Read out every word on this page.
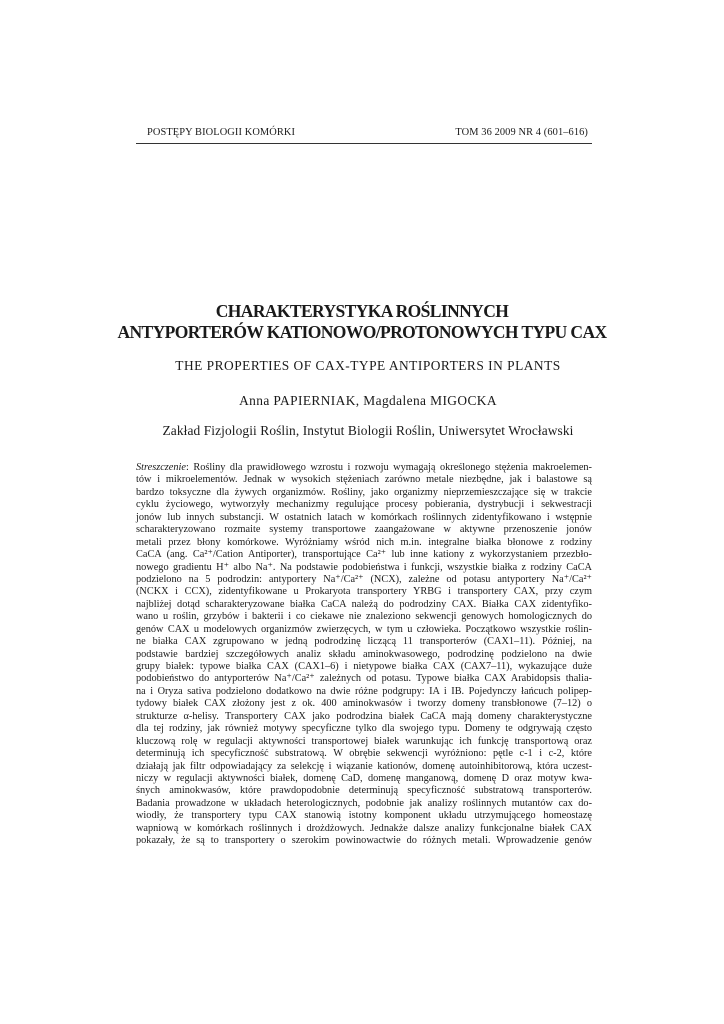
POSTĘPY BIOLOGII KOMÓRKI	TOM 36 2009 NR 4 (601–616)
CHARAKTERYSTYKA ROŚLINNYCH
ANTYPORTERÓW KATIONOWO/PROTONOWYCH TYPU CAX
THE PROPERTIES OF CAX-TYPE ANTIPORTERS IN PLANTS
Anna PAPIERNIAK, Magdalena MIGOCKA
Zakład Fizjologii Roślin, Instytut Biologii Roślin, Uniwersytet Wrocławski
Streszczenie: Rośliny dla prawidłowego wzrostu i rozwoju wymagają określonego stężenia makroelemen-
tów i mikroelementów. Jednak w wysokich stężeniach zarówno metale niezbędne, jak i balastowe są
bardzo toksyczne dla żywych organizmów. Rośliny, jako organizmy nieprzemieszczające się w trakcie
cyklu życiowego, wytworzyły mechanizmy regulujące procesy pobierania, dystrybucji i sekwestracji
jonów lub innych substancji. W ostatnich latach w komórkach roślinnych zidentyfikowano i wstępnie
scharakteryzowano rozmaite systemy transportowe zaangażowane w aktywne przenoszenie jonów
metali przez błony komórkowe. Wyróżniamy wśród nich m.in. integralne białka błonowe z rodziny
CaCA (ang. Ca²⁺/Cation Antiporter), transportujące Ca²⁺ lub inne kationy z wykorzystaniem przezbło-
nowego gradientu H⁺ albo Na⁺. Na podstawie podobieństwa i funkcji, wszystkie białka z rodziny CaCA
podzielono na 5 podrodzin: antyportery Na⁺/Ca²⁺ (NCX), zależne od potasu antyportery Na⁺/Ca²⁺
(NCKX i CCX), zidentyfikowane u Prokaryota transportery YRBG i transportery CAX, przy czym
najbliżej dotąd scharakteryzowane białka CaCA należą do podrodziny CAX. Białka CAX zidentyfiko-
wano u roślin, grzybów i bakterii i co ciekawe nie znaleziono sekwencji genowych homologicznych do
genów CAX u modelowych organizmów zwierzęcych, w tym u człowieka. Początkowo wszystkie roślin-
ne białka CAX zgrupowano w jedną podrodzinę liczącą 11 transporterów (CAX1–11). Później, na
podstawie bardziej szczegółowych analiz składu aminokwasowego, podrodzinę podzielono na dwie
grupy białek: typowe białka CAX (CAX1–6) i nietypowe białka CAX (CAX7–11), wykazujące duże
podobieństwo do antyporterów Na⁺/Ca²⁺ zależnych od potasu. Typowe białka CAX Arabidopsis thalia-
na i Oryza sativa podzielono dodatkowo na dwie różne podgrupy: IA i IB. Pojedynczy łańcuch polipep-
tydowy białek CAX złożony jest z ok. 400 aminokwasów i tworzy domeny transbłonowe (7–12) o
strukturze α-helisy. Transportery CAX jako podrodzina białek CaCA mają domeny charakterystyczne
dla tej rodziny, jak również motywy specyficzne tylko dla swojego typu. Domeny te odgrywają często
kluczową rolę w regulacji aktywności transportowej białek warunkując ich funkcję transportową oraz
determinują ich specyficzność substratową. W obrębie sekwencji wyróżniono: pętle c-1 i c-2, które
działają jak filtr odpowiadający za selekcję i wiązanie kationów, domenę autoinhibitorową, która uczest-
niczy w regulacji aktywności białek, domenę CaD, domenę manganową, domenę D oraz motyw kwa-
śnych aminokwasów, które prawdopodobnie determinują specyficzność substratową transporterów.
Badania prowadzone w układach heterologicznych, podobnie jak analizy roślinnych mutantów cax do-
wiodły, że transportery typu CAX stanowią istotny komponent układu utrzymującego homeostazę
wapniową w komórkach roślinnych i drożdżowych. Jednakże dalsze analizy funkcjonalne białek CAX
pokazały, że są to transportery o szerokim powinowactwie do różnych metali. Wprowadzenie genów
